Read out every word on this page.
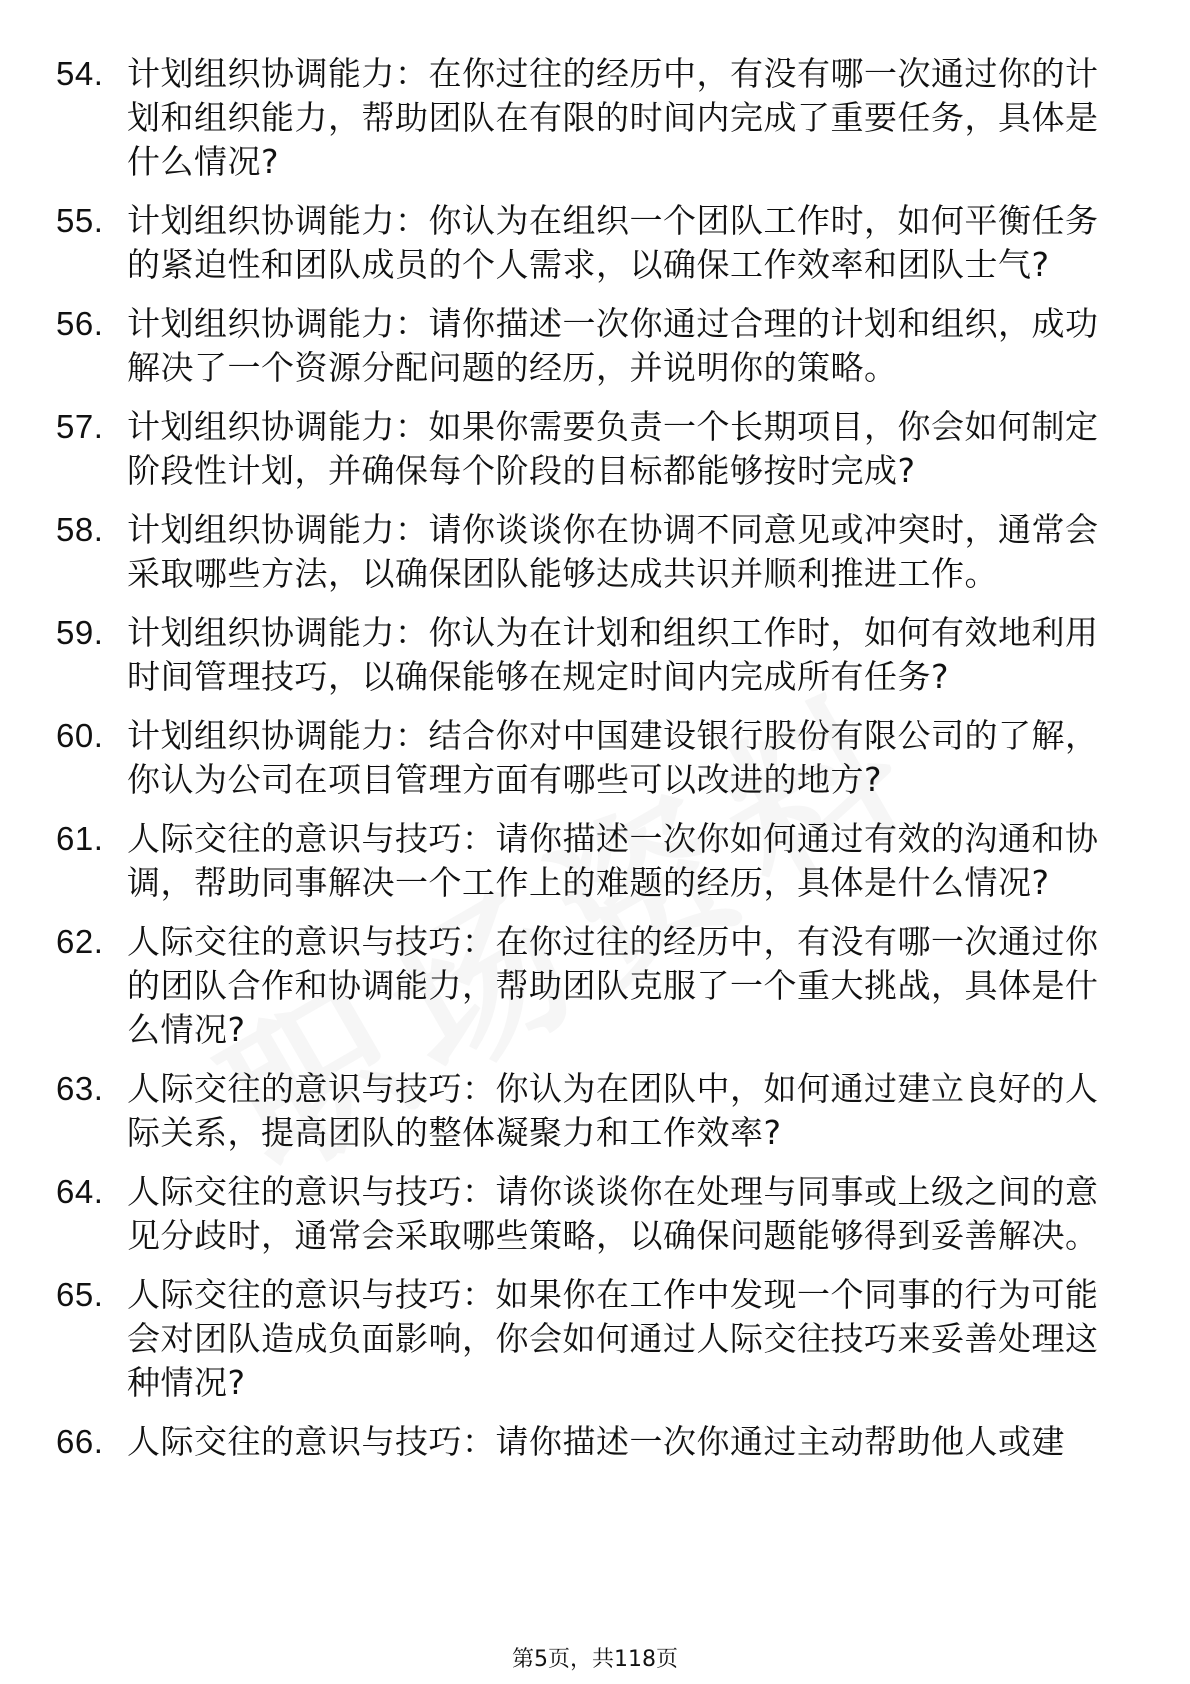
54. 计划组织协调能力：在你过往的经历中，有没有哪一次通过你的计划和组织能力，帮助团队在有限的时间内完成了重要任务，具体是什么情况?
55. 计划组织协调能力：你认为在组织一个团队工作时，如何平衡任务的紧迫性和团队成员的个人需求，以确保工作效率和团队士气?
56. 计划组织协调能力：请你描述一次你通过合理的计划和组织，成功解决了一个资源分配问题的经历，并说明你的策略。
57. 计划组织协调能力：如果你需要负责一个长期项目，你会如何制定阶段性计划，并确保每个阶段的目标都能够按时完成?
58. 计划组织协调能力：请你谈谈你在协调不同意见或冲突时，通常会采取哪些方法，以确保团队能够达成共识并顺利推进工作。
59. 计划组织协调能力：你认为在计划和组织工作时，如何有效地利用时间管理技巧，以确保能够在规定时间内完成所有任务?
60. 计划组织协调能力：结合你对中国建设银行股份有限公司的了解，你认为公司在项目管理方面有哪些可以改进的地方?
61. 人际交往的意识与技巧：请你描述一次你如何通过有效的沟通和协调，帮助同事解决一个工作上的难题的经历，具体是什么情况?
62. 人际交往的意识与技巧：在你过往的经历中，有没有哪一次通过你的团队合作和协调能力，帮助团队克服了一个重大挑战，具体是什么情况?
63. 人际交往的意识与技巧：你认为在团队中，如何通过建立良好的人际关系，提高团队的整体凝聚力和工作效率?
64. 人际交往的意识与技巧：请你谈谈你在处理与同事或上级之间的意见分歧时，通常会采取哪些策略，以确保问题能够得到妥善解决。
65. 人际交往的意识与技巧：如果你在工作中发现一个同事的行为可能会对团队造成负面影响，你会如何通过人际交往技巧来妥善处理这种情况?
66. 人际交往的意识与技巧：请你描述一次你通过主动帮助他人或建
第5页，共118页
